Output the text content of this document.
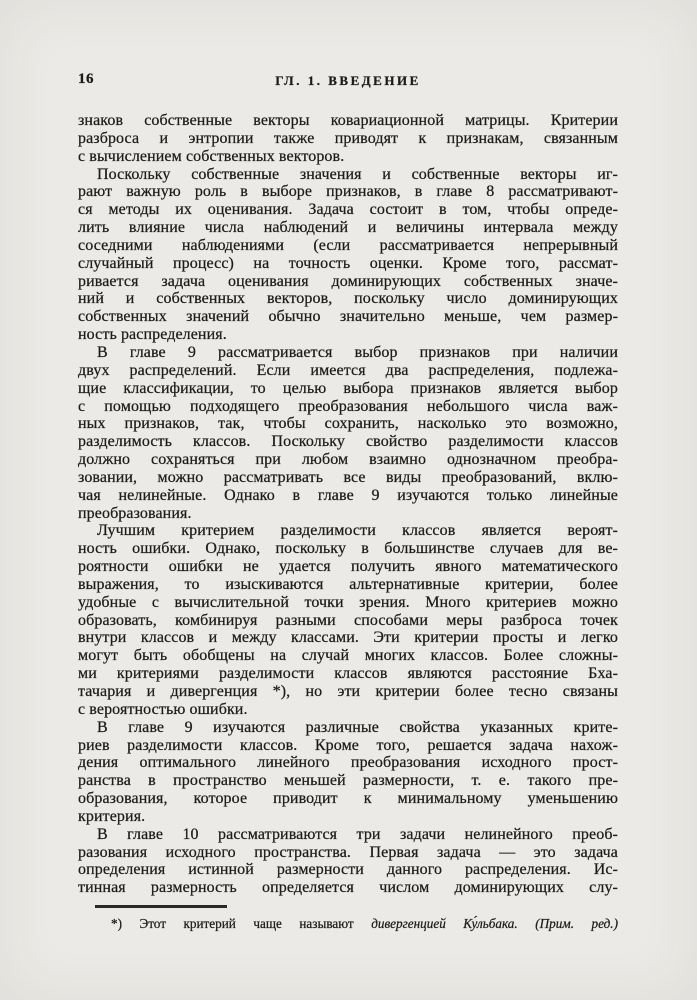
16	ГЛ. 1. ВВЕДЕНИЕ
знаков собственные векторы ковариационной матрицы. Критерии
разброса и энтропии также приводят к признакам, связанным
с вычислением собственных векторов.
Поскольку собственные значения и собственные векторы иг-
рают важную роль в выборе признаков, в главе 8 рассматривают-
ся методы их оценивания. Задача состоит в том, чтобы опреде-
лить влияние числа наблюдений и величины интервала между
соседними наблюдениями (если рассматривается непрерывный
случайный процесс) на точность оценки. Кроме того, рассмат-
ривается задача оценивания доминирующих собственных значе-
ний и собственных векторов, поскольку число доминирующих
собственных значений обычно значительно меньше, чем размер-
ность распределения.
В главе 9 рассматривается выбор признаков при наличии
двух распределений. Если имеется два распределения, подлежа-
щие классификации, то целью выбора признаков является выбор
с помощью подходящего преобразования небольшого числа важ-
ных признаков, так, чтобы сохранить, насколько это возможно,
разделимость классов. Поскольку свойство разделимости классов
должно сохраняться при любом взаимно однозначном преобра-
зовании, можно рассматривать все виды преобразований, вклю-
чая нелинейные. Однако в главе 9 изучаются только линейные
преобразования.
Лучшим критерием разделимости классов является вероят-
ность ошибки. Однако, поскольку в большинстве случаев для ве-
роятности ошибки не удается получить явного математического
выражения, то изыскиваются альтернативные критерии, более
удобные с вычислительной точки зрения. Много критериев можно
образовать, комбинируя разными способами меры разброса точек
внутри классов и между классами. Эти критерии просты и легко
могут быть обобщены на случай многих классов. Более сложны-
ми критериями разделимости классов являются расстояние Бха-
тачария и дивергенция *), но эти критерии более тесно связаны
с вероятностью ошибки.
В главе 9 изучаются различные свойства указанных крите-
риев разделимости классов. Кроме того, решается задача нахож-
дения оптимального линейного преобразования исходного прост-
ранства в пространство меньшей размерности, т. е. такого пре-
образования, которое приводит к минимальному уменьшению
критерия.
В главе 10 рассматриваются три задачи нелинейного преоб-
разования исходного пространства. Первая задача — это задача
определения истинной размерности данного распределения. Ис-
тинная размерность определяется числом доминирующих слу-
*) Этот критерий чаще называют дивергенцией Ку́льбака. (Прим. ред.)
